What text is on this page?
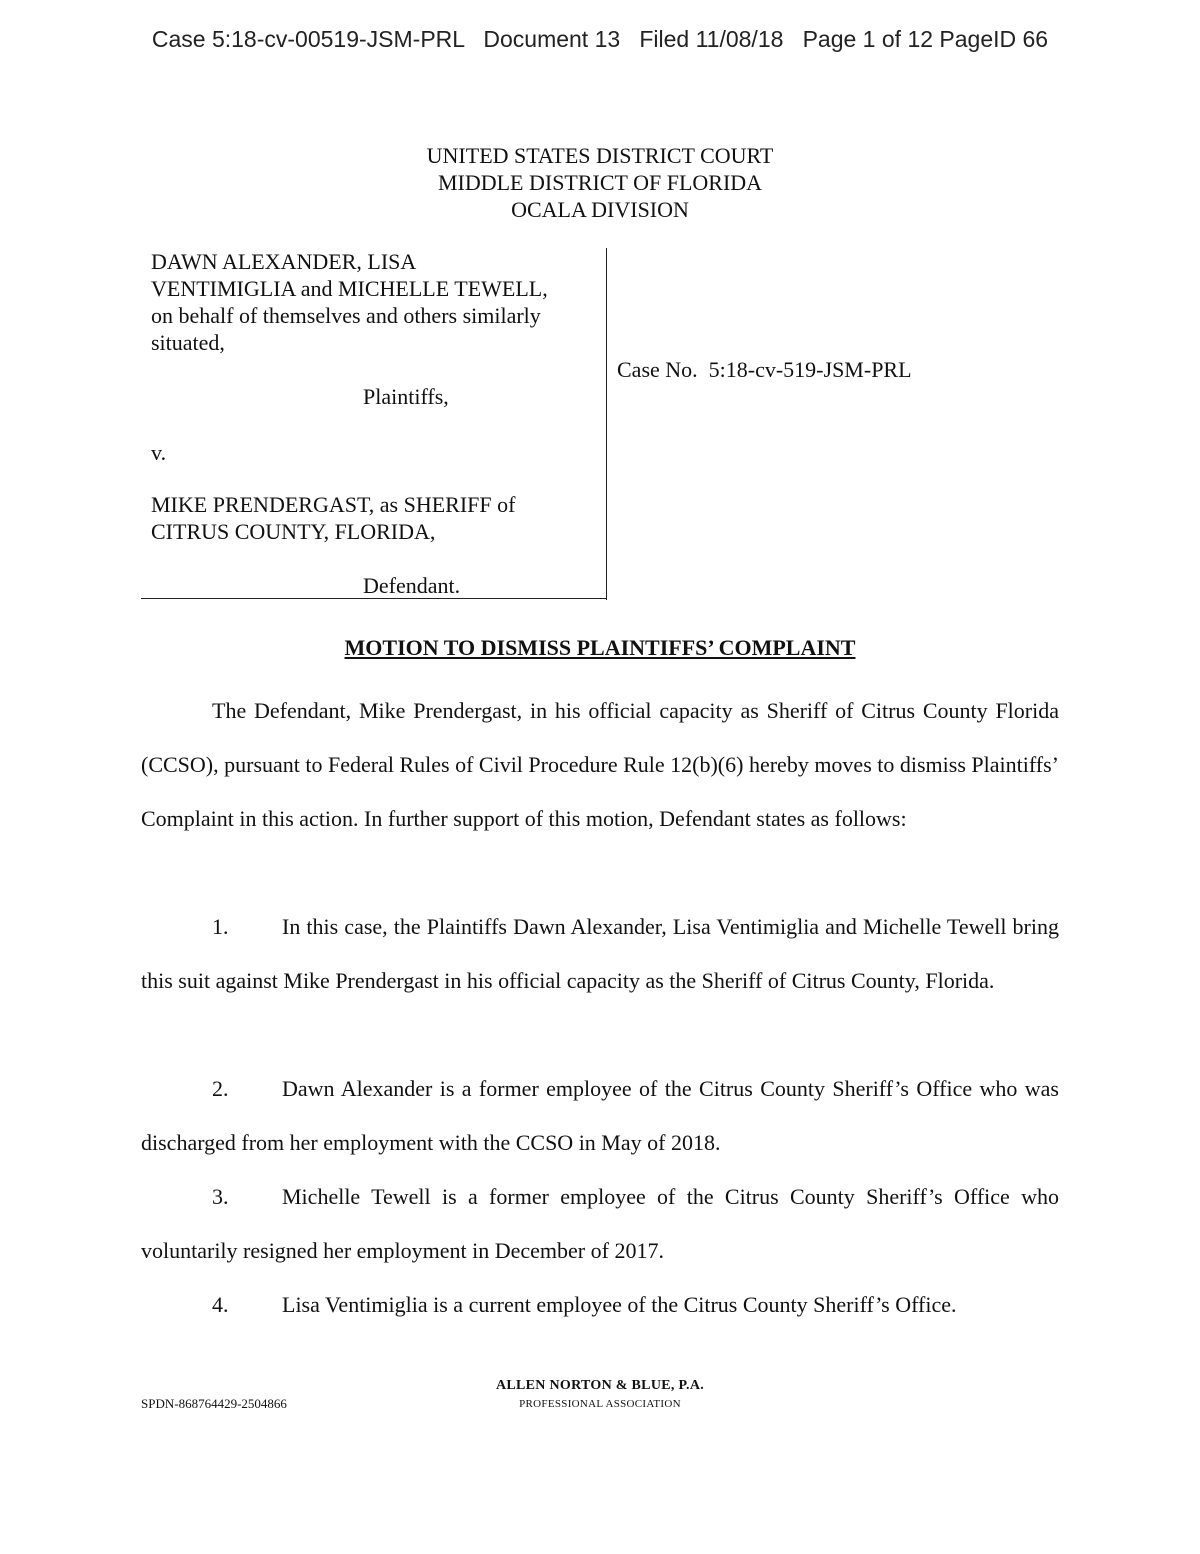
Case 5:18-cv-00519-JSM-PRL   Document 13   Filed 11/08/18   Page 1 of 12 PageID 66
UNITED STATES DISTRICT COURT
MIDDLE DISTRICT OF FLORIDA
OCALA DIVISION
DAWN ALEXANDER, LISA
VENTIMIGLIA and MICHELLE TEWELL,
on behalf of themselves and others similarly
situated,
Plaintiffs,
v.
MIKE PRENDERGAST, as SHERIFF of
CITRUS COUNTY, FLORIDA,
Defendant.
Case No.  5:18-cv-519-JSM-PRL
MOTION TO DISMISS PLAINTIFFS’ COMPLAINT
The Defendant, Mike Prendergast, in his official capacity as Sheriff of Citrus County Florida (CCSO), pursuant to Federal Rules of Civil Procedure Rule 12(b)(6) hereby moves to dismiss Plaintiffs’ Complaint in this action. In further support of this motion, Defendant states as follows:
1. In this case, the Plaintiffs Dawn Alexander, Lisa Ventimiglia and Michelle Tewell bring this suit against Mike Prendergast in his official capacity as the Sheriff of Citrus County, Florida.
2. Dawn Alexander is a former employee of the Citrus County Sheriff’s Office who was discharged from her employment with the CCSO in May of 2018.
3. Michelle Tewell is a former employee of the Citrus County Sheriff’s Office who voluntarily resigned her employment in December of 2017.
4. Lisa Ventimiglia is a current employee of the Citrus County Sheriff’s Office.
SPDN-868764429-2504866
ALLEN NORTON & BLUE, P.A.
PROFESSIONAL ASSOCIATION
